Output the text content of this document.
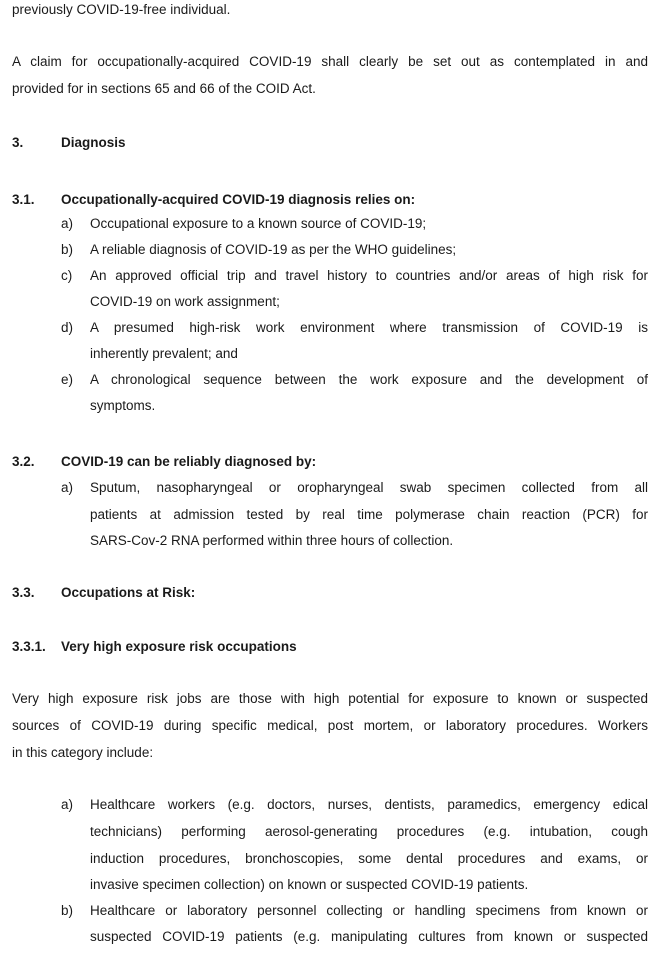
previously COVID-19-free individual.
A claim for occupationally-acquired COVID-19 shall clearly be set out as contemplated in and
provided for in sections 65 and 66 of the COID Act.
3.	Diagnosis
3.1. Occupationally-acquired COVID-19 diagnosis relies on:
a) Occupational exposure to a known source of COVID-19;
b) A reliable diagnosis of COVID-19 as per the WHO guidelines;
c) An approved official trip and travel history to countries and/or areas of high risk for
COVID-19 on work assignment;
d) A presumed high-risk work environment where transmission of COVID-19 is
inherently prevalent; and
e) A chronological sequence between the work exposure and the development of
symptoms.
3.2. COVID-19 can be reliably diagnosed by:
a) Sputum, nasopharyngeal or oropharyngeal swab specimen collected from all
patients at admission tested by real time polymerase chain reaction (PCR) for
SARS-Cov-2 RNA performed within three hours of collection.
3.3. Occupations at Risk:
3.3.1. Very high exposure risk occupations
Very high exposure risk jobs are those with high potential for exposure to known or suspected
sources of COVID-19 during specific medical, post mortem, or laboratory procedures. Workers
in this category include:
a) Healthcare workers (e.g. doctors, nurses, dentists, paramedics, emergency edical
technicians) performing aerosol-generating procedures (e.g. intubation, cough
induction procedures, bronchoscopies, some dental procedures and exams, or
invasive specimen collection) on known or suspected COVID-19 patients.
b) Healthcare or laboratory personnel collecting or handling specimens from known or
suspected COVID-19 patients (e.g. manipulating cultures from known or suspected
